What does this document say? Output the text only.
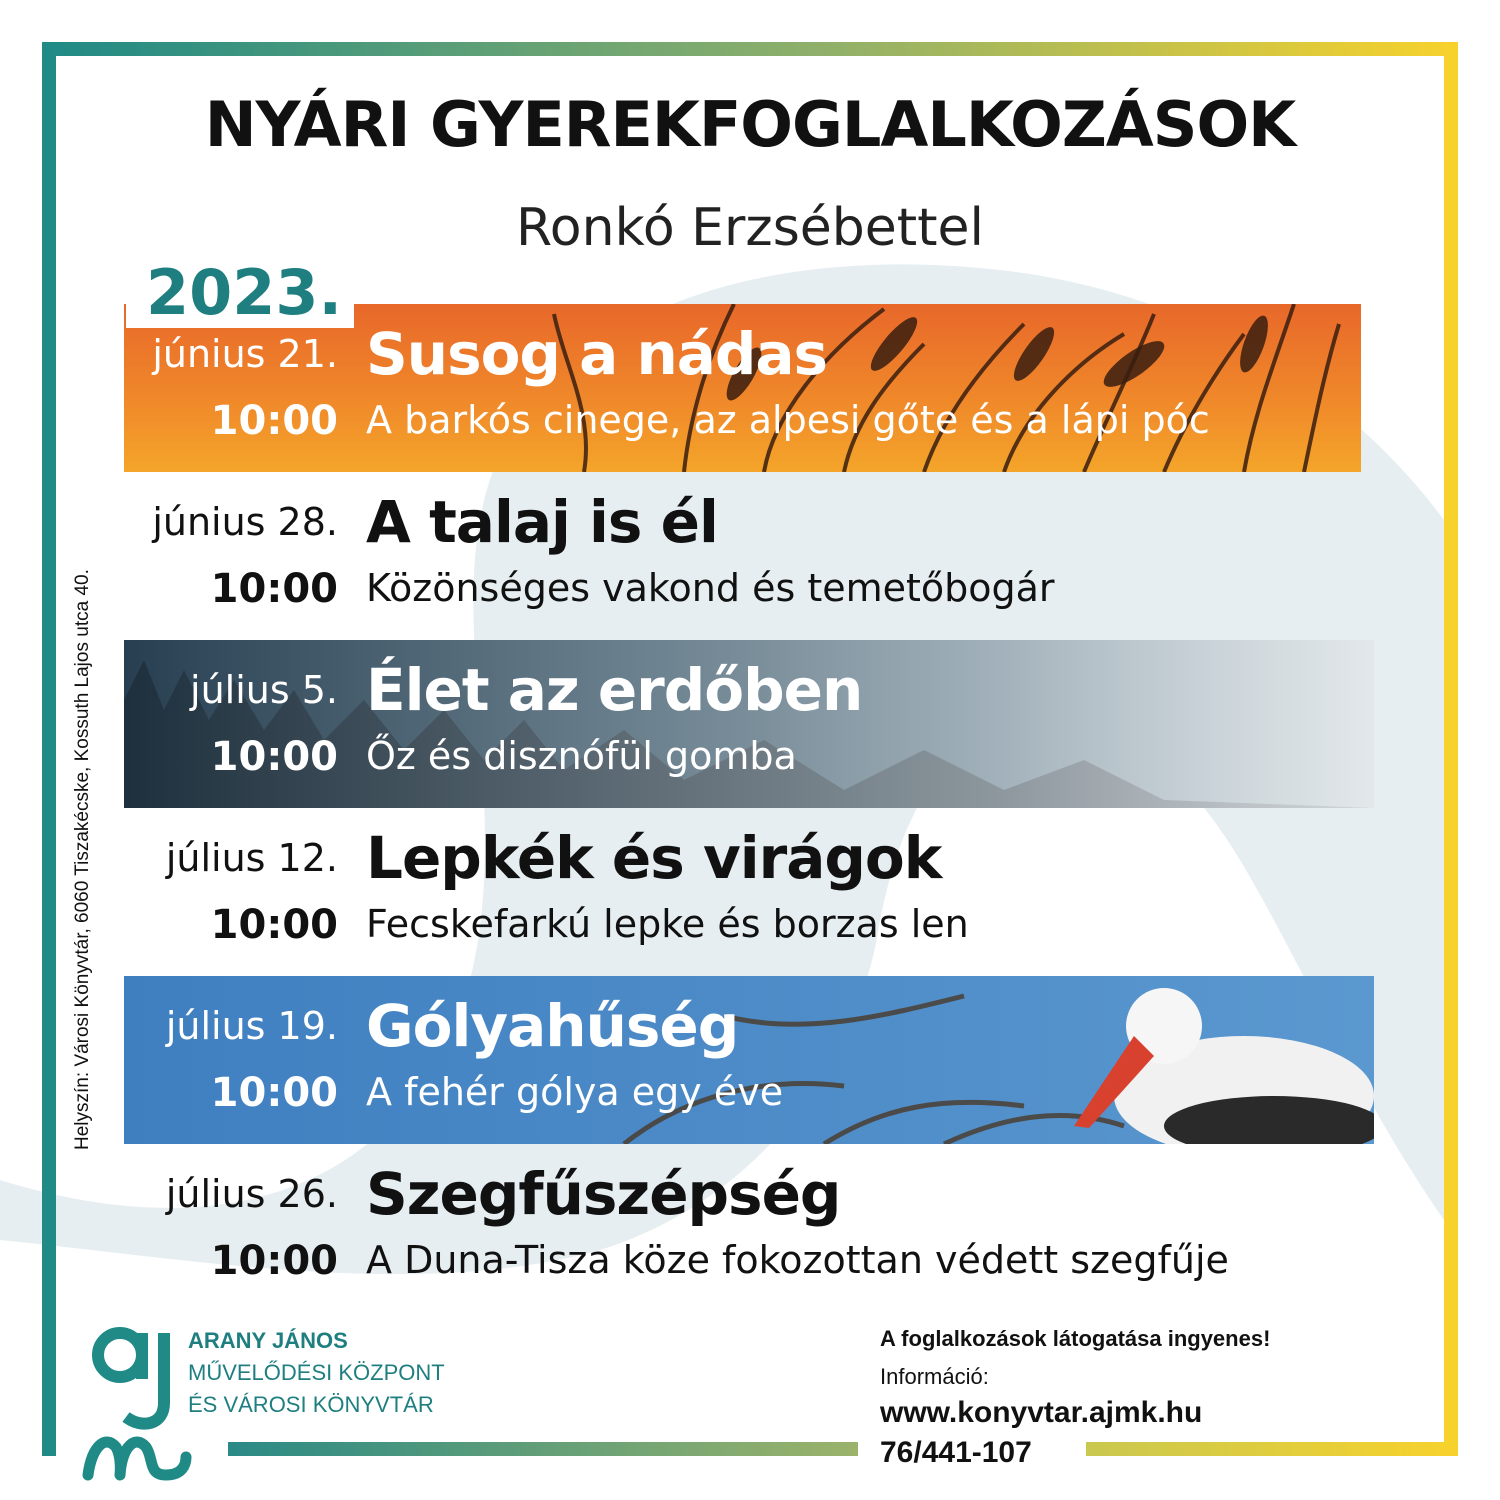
NYÁRI GYEREKFOGLALKOZÁSOK
Ronkó Erzsébettel
2023.
Helyszín: Városi Könyvtár, 6060 Tiszakécske, Kossuth Lajos utca 40.
június 21.
10:00
Susog a nádas
A barkós cinege, az alpesi gőte és a lápi póc
június 28.
10:00
A talaj is él
Közönséges vakond és temetőbogár
július 5.
10:00
Élet az erdőben
Őz és disznófül gomba
július 12.
10:00
Lepkék és virágok
Fecskefarkú lepke és borzas len
július 19.
10:00
Gólyahűség
A fehér gólya egy éve
július 26.
10:00
Szegfűszépség
A Duna-Tisza köze fokozottan védett szegfűje
ARANY JÁNOS
MŰVELŐDÉSI KÖZPONT
ÉS VÁROSI KÖNYVTÁR
A foglalkozások látogatása ingyenes!
Információ:
www.konyvtar.ajmk.hu
76/441-107
